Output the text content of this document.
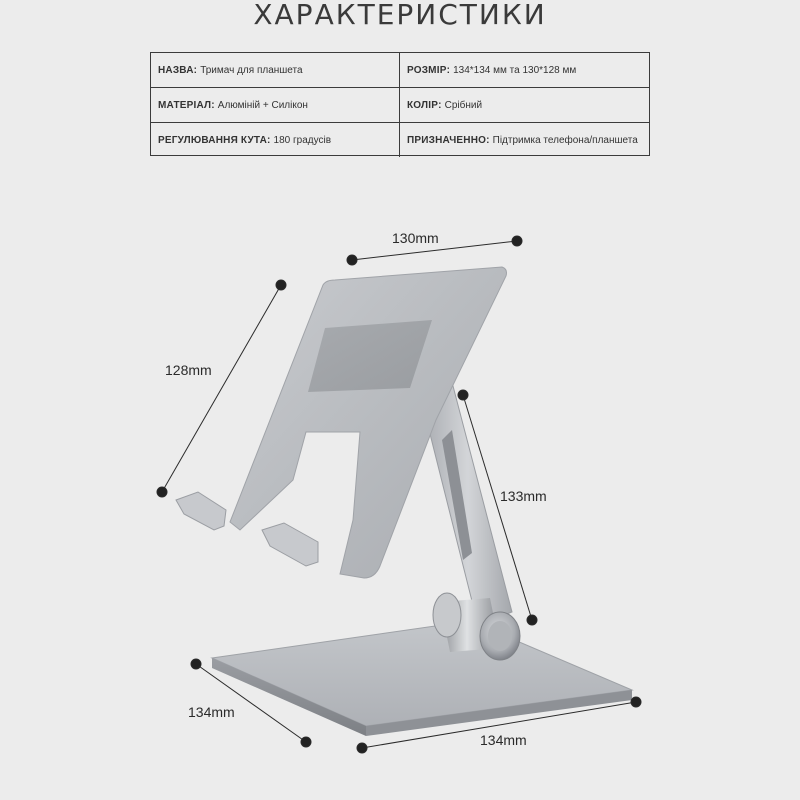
ХАРАКТЕРИСТИКИ
НАЗВА : Тримач для планшета	РОЗМІР : 134*134 мм та 130*128 мм
МАТЕРІАЛ : Алюміній + Силікон	КОЛІР : Срібний
РЕГУЛЮВАННЯ КУТА : 180 градусів	ПРИЗНАЧЕННО : Підтримка телефона/планшета
130mm
128mm
133mm
134mm
134mm
